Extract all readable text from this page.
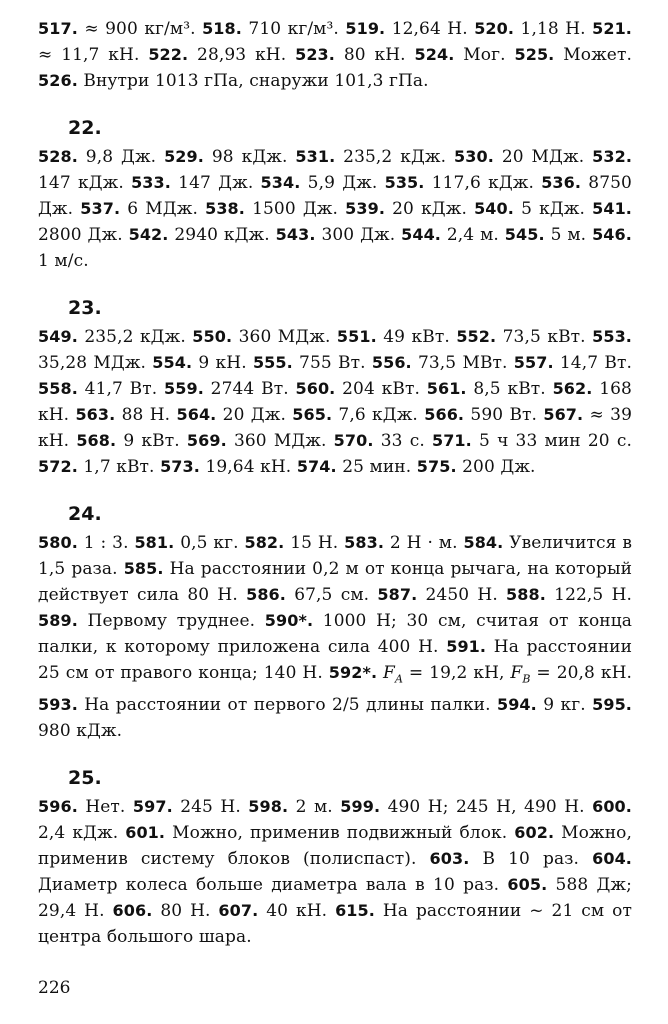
517. ≈ 900 кг/м³. 518. 710 кг/м³. 519. 12,64 Н. 520. 1,18 Н. 521. ≈ 11,7 кН. 522. 28,93 кН. 523. 80 кН. 524. Мог. 525. Может. 526. Внутри 1013 гПа, снаружи 101,3 гПа.

22.

528. 9,8 Дж. 529. 98 кДж. 531. 235,2 кДж. 530. 20 МДж. 532. 147 кДж. 533. 147 Дж. 534. 5,9 Дж. 535. 117,6 кДж. 536. 8750 Дж. 537. 6 МДж. 538. 1500 Дж. 539. 20 кДж. 540. 5 кДж. 541. 2800 Дж. 542. 2940 кДж. 543. 300 Дж. 544. 2,4 м. 545. 5 м. 546. 1 м/с.

23.

549. 235,2 кДж. 550. 360 МДж. 551. 49 кВт. 552. 73,5 кВт. 553. 35,28 МДж. 554. 9 кН. 555. 755 Вт. 556. 73,5 МВт. 557. 14,7 Вт. 558. 41,7 Вт. 559. 2744 Вт. 560. 204 кВт. 561. 8,5 кВт. 562. 168 кН. 563. 88 Н. 564. 20 Дж. 565. 7,6 кДж. 566. 590 Вт. 567. ≈ 39 кН. 568. 9 кВт. 569. 360 МДж. 570. 33 с. 571. 5 ч 33 мин 20 с. 572. 1,7 кВт. 573. 19,64 кН. 574. 25 мин. 575. 200 Дж.

24.

580. 1 : 3. 581. 0,5 кг. 582. 15 Н. 583. 2 Н · м. 584. Увеличится в 1,5 раза. 585. На расстоянии 0,2 м от конца рычага, на который действует сила 80 Н. 586. 67,5 см. 587. 2450 Н. 588. 122,5 Н. 589. Первому труднее. 590*. 1000 Н; 30 см, считая от конца палки, к которому приложена сила 400 Н. 591. На расстоянии 25 см от правого конца; 140 Н. 592*. $F_A = 19,2$ кН, $F_B = 20,8$ кН. 593. На расстоянии от первого 2/5 длины палки. 594. 9 кг. 595. 980 кДж.

25.

596. Нет. 597. 245 Н. 598. 2 м. 599. 490 Н; 245 Н, 490 Н. 600. 2,4 кДж. 601. Можно, применив подвижный блок. 602. Можно, применив систему блоков (полиспаст). 603. В 10 раз. 604. Диаметр колеса больше диаметра вала в 10 раз. 605. 588 Дж; 29,4 Н. 606. 80 Н. 607. 40 кН. 615. На расстоянии ~ 21 см от центра большого шара.

226
